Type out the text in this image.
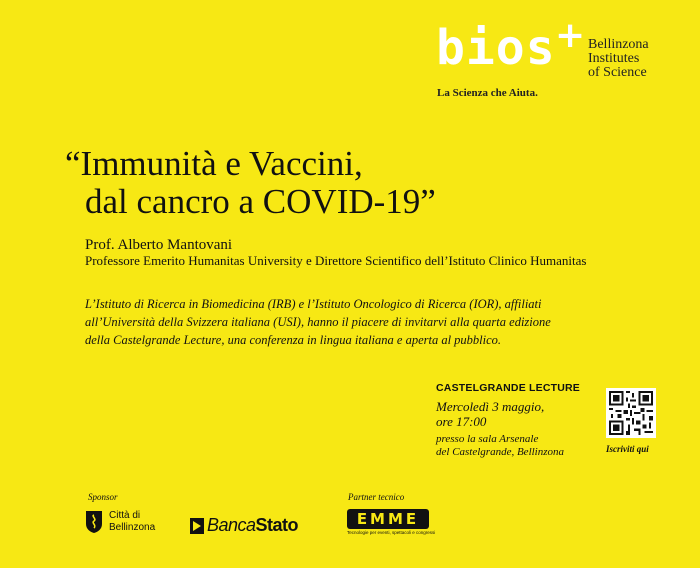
bios + Bellinzona
Institutes
of Science
La Scienza che Aiuta.
“Immunità e Vaccini,
dal cancro a COVID-19”
Prof. Alberto Mantovani
Professore Emerito Humanitas University e Direttore Scientifico dell’Istituto Clinico Humanitas
L’Istituto di Ricerca in Biomedicina (IRB) e l’Istituto Oncologico di Ricerca (IOR), affiliati
all’Università della Svizzera italiana (USI), hanno il piacere di invitarvi alla quarta edizione
della Castelgrande Lecture, una conferenza in lingua italiana e aperta al pubblico.
CASTELGRANDE LECTURE
Mercoledì 3 maggio,
ore 17:00
presso la sala Arsenale
del Castelgrande, Bellinzona	Iscriviti qui
Sponsor	Partner tecnico
Città di
Bellinzona	BancaStato	EMME
Tecnologie per eventi, spettacoli e congressi
